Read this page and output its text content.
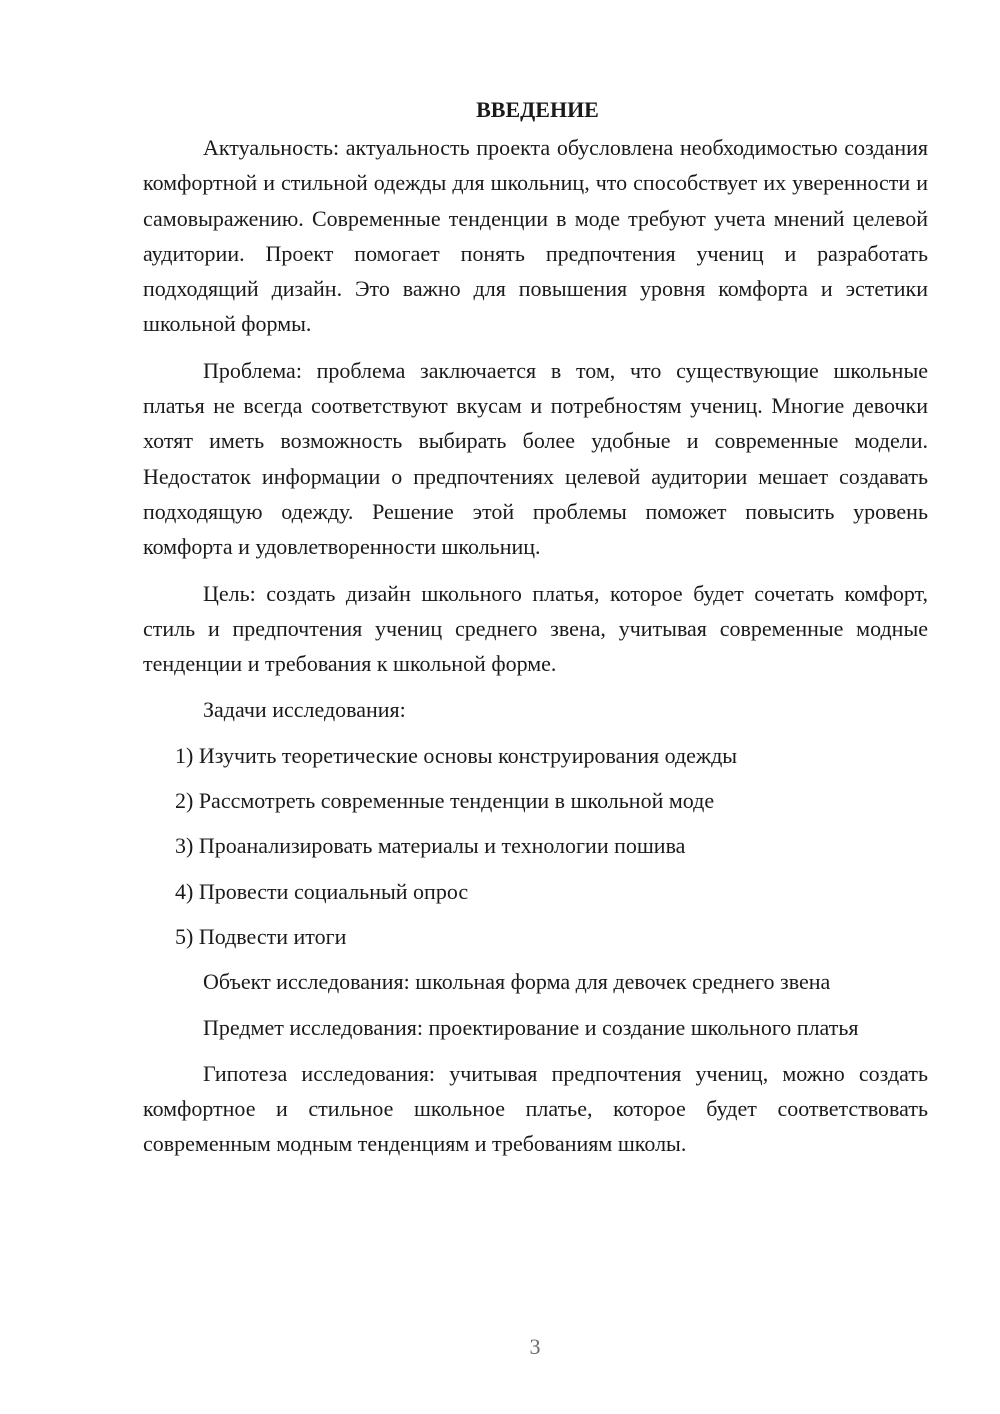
ВВЕДЕНИЕ

Актуальность: актуальность проекта обусловлена необходимостью создания комфортной и стильной одежды для школьниц, что способствует их уверенности и самовыражению. Современные тенденции в моде требуют учета мнений целевой аудитории. Проект помогает понять предпочтения учениц и разработать подходящий дизайн. Это важно для повышения уровня комфорта и эстетики школьной формы.

Проблема: проблема заключается в том, что существующие школьные платья не всегда соответствуют вкусам и потребностям учениц. Многие девочки хотят иметь возможность выбирать более удобные и современные модели. Недостаток информации о предпочтениях целевой аудитории мешает создавать подходящую одежду. Решение этой проблемы поможет повысить уровень комфорта и удовлетворенности школьниц.

Цель: создать дизайн школьного платья, которое будет сочетать комфорт, стиль и предпочтения учениц среднего звена, учитывая современные модные тенденции и требования к школьной форме.

Задачи исследования:
1) Изучить теоретические основы конструирования одежды
2) Рассмотреть современные тенденции в школьной моде
3) Проанализировать материалы и технологии пошива
4) Провести социальный опрос
5) Подвести итоги
Объект исследования: школьная форма для девочек среднего звена

Предмет исследования: проектирование и создание школьного платья

Гипотеза исследования: учитывая предпочтения учениц, можно создать комфортное и стильное школьное платье, которое будет соответствовать современным модным тенденциям и требованиям школы.

3
